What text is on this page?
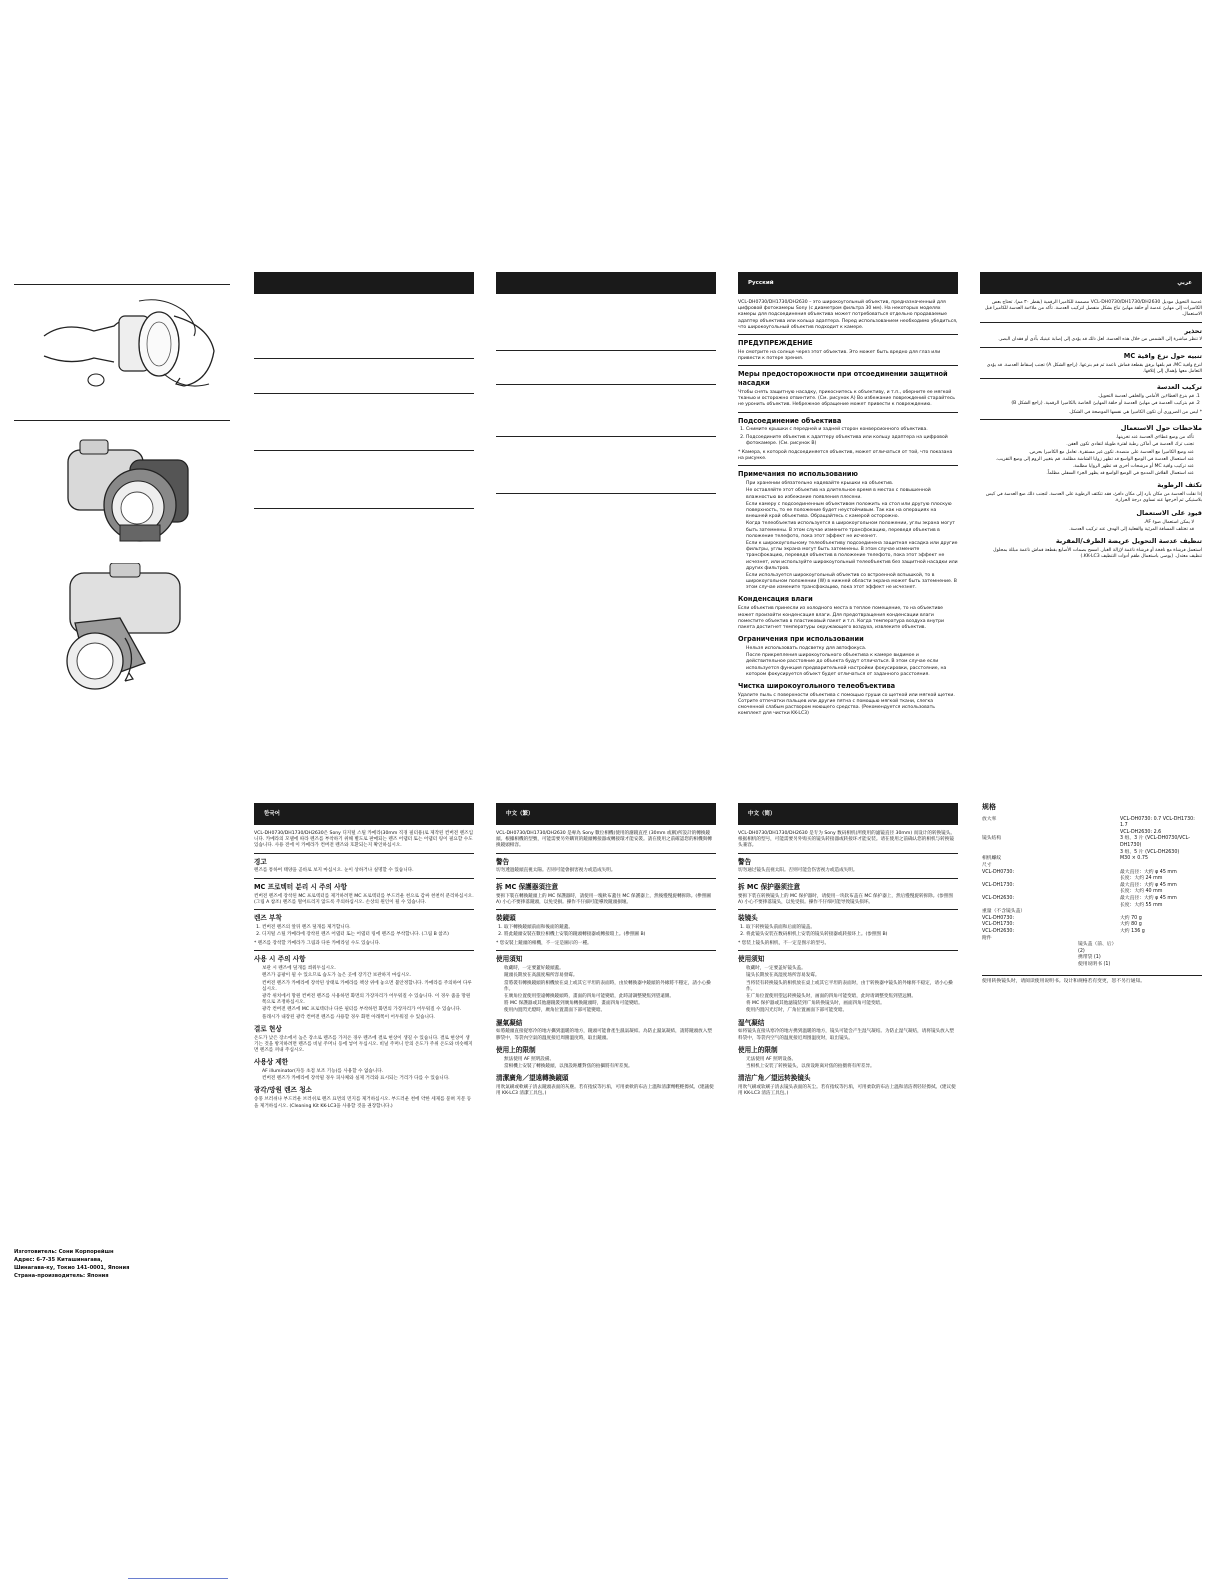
Русский

VCL-DH0730/DH1730/DH2630 – это широкоугольный объектив, предназначенный для цифровой фотокамеры Sony (с диаметром фильтра 30 мм). На некоторых моделях камеры для подсоединения объектива может потребоваться отдельно продаваемые адаптер объектива или кольцо адаптера. Перед использованием необходимо убедиться, что широкоугольный объектив подходит к камере.

ПРЕДУПРЕЖДЕНИЕ

Не смотрите на солнце через этот объектив. Это может быть вредно для глаз или привести к потере зрения.

Меры предосторожности при отсоединении защитной насадки

Чтобы снять защитную насадку, прикоснитесь к объективу, и т.п., оберните ее мягкой тканью и осторожно отвинтите. (См. рисунок A) Во избежание повреждений старайтесь не уронить объектив. Небрежное обращение может привести к повреждению.

Подсоединение объектива
1. Снимите крышки с передней и задней сторон конверсионного объектива.
2. Подсоедините объектив к адаптеру объектива или кольцу адаптера на цифровой фотокамере. (См. рисунок B)

* Камера, к которой подсоединяется объектив, может отличаться от той, что показана на рисунке.

Примечания по использованию
• При хранении обязательно надевайте крышки на объектив.
• Не оставляйте этот объектив на длительное время в местах с повышенной влажностью во избежание появления плесени.
• Если камеру с подсоединенным объективом положить на стол или другую плоскую поверхность, то ее положение будет неустойчивым. Так как на операциях на внешней край объектива. Обращайтесь с камерой осторожно.
• Когда телеобъектив используется в широкоугольном положении, углы экрана могут быть затемнены. В этом случае измените трансфокацию, переведя объектив в положение телефото, пока этот эффект не исчезнет.
• Если к широкоугольному телеобъективу подсоединена защитная насадка или другие фильтры, углы экрана могут быть затемнены. В этом случае измените трансфокацию, переведя объектив в положение телефото, пока этот эффект не исчезнет, или используйте широкоугольный телеобъектив без защитной насадки или других фильтров.
• Если используется широкоугольный объектив со встроенной вспышкой, то в широкоугольном положении (W) в нижней области экрана может быть затемнение. В этом случае измените трансфокацию, пока этот эффект не исчезнет.
Конденсация влаги

Если объектив принесли из холодного места в теплое помещение, то на объективе может произойти конденсация влаги. Для предотвращения конденсации влаги поместите объектив в пластиковый пакет и т.п. Когда температура воздуха внутри пакета достигнет температуры окружающего воздуха, извлеките объектив.

Ограничения при использовании
• Нельзя использовать подсветку для автофокуса.
• После прикрепления широкоугольного объектива к камере видимое и действительное расстояние до объекта будут отличаться. В этом случае если используется функция предварительной настройки фокусировки, расстояние, на котором фокусируется объект будет отличаться от заданного расстояния.
Чистка широкоугольного телеобъектива

Удалите пыль с поверхности объектива с помощью груши со щеткой или мягкой щетки. Сотрите отпечатки пальцев или другие пятна с помощью мягкой ткани, слегка смоченной слабым раствором моющего средства. (Рекомендуется использовать комплект для чистки KK-LC3)

عربي

عدسة التحويل موديل VCL-DH0730/DH1730/DH2630 مصممة للكاميرا الرقمية (بقطر ٣٠ مم). تحتاج بعض الكاميرات إلى مهايئ عدسة أو حلقة مهايئ تباع بشكل منفصل لتركيب العدسة. تأكد من ملاءمة العدسة للكاميرا قبل الاستعمال.

تحذير

لا تنظر مباشرة إلى الشمس من خلال هذه العدسة. لعل ذلك قد يؤدي إلى إصابة عينيك بأذى أو فقدان البصر.

تنبيه حول نزع واقية MC

لنزع واقية MC، قم بلفها برفق بقطعة قماش ناعمة ثم قم بنزعها. (راجع الشكل A) تجنب إسقاط العدسة. قد يؤدي التعامل معها بإهمال إلى إتلافها.

تركيب العدسة
1. قم بنزع الغطاءين الأمامي والخلفي لعدسة التحويل.
2. قم بتركيب العدسة في مهايئ العدسة أو حلقة المهايئ الخاصة بالكاميرا الرقمية. (راجع الشكل B)

* ليس من الضروري أن تكون الكاميرا هي نفسها الموضحة في الشكل.

ملاحظات حول الاستعمال
• تأكد من وضع غطاءي العدسة عند تخزينها.
• تجنب ترك العدسة في أماكن رطبة لفترة طويلة لتفادي تكون العفن.
• عند وضع الكاميرا مع العدسة على منضدة، تكون غير مستقرة. تعامل مع الكاميرا بحرص.
• عند استعمال العدسة في الوضع الواسع قد تظهر زوايا الشاشة مظلمة. قم بتغيير الزوم إلى وضع التقريب.
• عند تركيب واقية MC أو مرشحات أخرى قد تظهر الزوايا مظلمة.
• عند استعمال الفلاش المدمج في الوضع الواسع قد يظهر الجزء السفلي مظلماً.
تكثف الرطوبة

إذا نقلت العدسة من مكان بارد إلى مكان دافئ، فقد تتكثف الرطوبة على العدسة. لتجنب ذلك ضع العدسة في كيس بلاستيكي ثم أخرجها عند تساوي درجة الحرارة.

قيود على الاستعمال
• لا يمكن استعمال ضوء AF.
• قد تختلف المسافة المرئية والفعلية إلى الهدف عند تركيب العدسة.
تنظيف عدسة التحويل عريضة الطرف/المقربة

استعمل فرشاة مع نافخة أو فرشاة ناعمة لإزالة الغبار. امسح بصمات الأصابع بقطعة قماش ناعمة مبللة بمحلول تنظيف معتدل. (يوصى باستعمال طقم أدوات التنظيف KK-LC3.)

한국어

VCL-DH0730/DH1730/DH2630은 Sony 디지털 스틸 카메라(30mm 직경 필터용)로 제작된 컨버전 렌즈입니다. 카메라의 모델에 따라 렌즈를 부착하기 위해 별도로 판매되는 렌즈 어댑터 또는 어댑터 링이 필요할 수도 있습니다. 사용 전에 이 카메라가 컨버전 렌즈와 호환되는지 확인하십시오.

경고

렌즈를 통하여 태양을 곧바로 보지 마십시오. 눈이 상하거나 실명할 수 있습니다.

MC 프로텍터 분리 시 주의 사항

컨버전 렌즈에 장착된 MC 프로텍터를 제거하려면 MC 프로텍터를 부드러운 천으로 감싸 천천히 분리하십시오. (그림 A 참조) 렌즈를 떨어뜨리지 않도록 주의하십시오. 손상의 원인이 될 수 있습니다.

렌즈 부착
1. 컨버전 렌즈의 앞뒤 렌즈 덮개를 제거합니다.
2. 디지털 스틸 카메라에 장착된 렌즈 어댑터 또는 어댑터 링에 렌즈를 부착합니다. (그림 B 참조)

* 렌즈를 장착할 카메라가 그림과 다른 카메라일 수도 있습니다.

사용 시 주의 사항
• 보관 시 렌즈에 덮개를 씌워두십시오.
• 렌즈가 곰팡이 될 수 있으므로 습도가 높은 곳에 장기간 보관하지 마십시오.
• 컨버전 렌즈가 카메라에 장착된 상태로 카메라를 책상 위에 놓으면 불안정합니다. 카메라를 주의하여 다루십시오.
• 광각 위치에서 망원 컨버전 렌즈를 사용하면 화면의 가장자리가 어두워질 수 있습니다. 이 경우 줌을 망원 쪽으로 조정하십시오.
• 광각 컨버전 렌즈에 MC 프로텍터나 다른 필터를 부착하면 화면의 가장자리가 어두워질 수 있습니다.
• 플래시가 내장된 광각 컨버전 렌즈를 사용할 경우 화면 아래쪽이 어두워질 수 있습니다.
결로 현상

온도가 낮은 장소에서 높은 장소로 렌즈를 가져온 경우 렌즈에 결로 현상이 생길 수 있습니다. 결로 현상이 생기는 것을 방지하려면 렌즈를 비닐 주머니 등에 넣어 두십시오. 비닐 주머니 안의 온도가 주위 온도와 비슷해지면 렌즈를 꺼내 주십시오.

사용상 제한
• AF illuminator(자동 초점 보조 기능)를 사용할 수 없습니다.
• 컨버전 렌즈가 카메라에 장착될 경우 피사체와 실제 거리와 표시되는 거리가 다를 수 있습니다.
광각/망원 렌즈 청소

송풍 브러쉬나 부드러운 브러쉬로 렌즈 표면의 먼지를 제거하십시오. 부드러운 천에 약한 세제를 묻혀 지문 등을 제거하십시오. (Cleaning Kit KK-LC3을 사용할 것을 권장합니다.)

中文（繁）

VCL-DH0730/DH1730/DH2630 是專為 Sony 數位相機(使用的濾鏡直徑 (30mm 或稱)所設計的轉換鏡頭。根據相機的型號，可能需要另外購買的鏡頭轉接器或轉接環才能安裝。請在使用之前確認您的相機與轉換鏡頭相容。

警告

切勿透過鏡頭直視太陽。否則可能會損害視力或造成失明。

拆 MC 保護器須注意

要拆下裝在轉換鏡頭上的 MC 保護器時，請使用一塊軟布蓋住 MC 保護器上，然後慢慢旋轉拆除。(參照圖 A) 小心不要摔落鏡頭，以免受損。操作不仔細可能導致鏡頭損壞。

裝鏡頭
1. 取下轉換鏡頭前面和後面的鏡蓋。
2. 將此鏡頭安裝在數位相機上安裝的鏡頭轉接器或轉接環上。(參照圖 B)

* 您安裝上鏡頭的相機，不一定是圖示的一種。

使用須知
• 收藏時，一定要蓋好鏡頭蓋。
• 鏡頭長期放在高濕度場所容易發霉。
• 當將裝有轉換鏡頭的相機放在桌上或其它平坦的表面時，由於轉換器中鏡頭的外緣將不穩定，請小心操作。
• 在廣角位置使用望遠轉換鏡頭時，畫面的四角可能變暗，此時請調整變焦到望遠側。
• 將 MC 保護器或其他濾鏡裝到廣角轉換鏡頭時，畫面四角可能變暗。
• 使用內置閃光燈時，廣角位置畫面下部可能變暗。
濕氣凝結

如將鏡頭直接從寒冷的地方攜到溫暖的地方，鏡頭可能會產生濕氣凝結。為防止濕氣凝結，請將鏡頭放入塑膠袋中，等袋內空氣的溫度接近周圍溫度時，取出鏡頭。

使用上的限制
• 無法使用 AF 照明設備。
• 當相機上安裝了轉換鏡頭，以預設距離對焦的拍攝將有所差異。
清潔廣角／望遠轉換鏡頭

用吹氣刷或軟刷子清去鏡頭表面的灰塵。若有指紋等污垢，可用柔軟的布沾上溫和清潔劑輕輕擦拭。(建議使用 KK-LC3 清潔工具包。)

中文（简）

VCL-DH0730/DH1730/DH2630 是专为 Sony 数码相机(所使用的滤镜直径 30mm) 而设计的转换镜头。根据相机的型号，可能需要另外购买的镜头转接器或转接环才能安装。请在使用之前确认您的相机与转换镜头兼容。

警告

切勿通过镜头直视太阳。否则可能会伤害视力或造成失明。

拆 MC 保护器须注意

要拆下装在转换镜头上的 MC 保护器时，请使用一块软布盖在 MC 保护器上，然后慢慢旋转拆除。(参照图 A) 小心不要摔落镜头，以免受损。操作不仔细可能导致镜头损坏。

装镜头
1. 取下转换镜头前面和后面的镜盖。
2. 将此镜头安装在数码相机上安装的镜头转接器或转接环上。(参照图 B)

* 您装上镜头的相机，不一定是图示的型号。

使用须知
• 收藏时，一定要盖好镜头盖。
• 镜头长期放在高湿度场所容易发霉。
• 当将装有转换镜头的相机放在桌上或其它平坦的表面时，由于转换器中镜头的外缘将不稳定，请小心操作。
• 在广角位置使用望远转换镜头时，画面的四角可能变暗，此时请调整变焦到望远侧。
• 将 MC 保护器或其他滤镜装到广角转换镜头时，画面四角可能变暗。
• 使用内置闪光灯时，广角位置画面下部可能变暗。
湿气凝结

如将镜头直接从寒冷的地方携到温暖的地方，镜头可能会产生湿气凝结。为防止湿气凝结，请将镜头放入塑料袋中，等袋内空气的温度接近周围温度时，取出镜头。

使用上的限制
• 无法使用 AF 照明设备。
• 当相机上安装了转换镜头，以预设距离对焦的拍摄将有所差异。
清洁广角／望远转换镜头

用吹气刷或软刷子清去镜头表面的灰尘。若有指纹等污垢，可用柔软的布沾上温和清洁剂轻轻擦拭。(建议使用 KK-LC3 清洁工具包。)

规格
放大率		VCL-DH0730: 0.7 VCL-DH1730: 1.7
		VCL-DH2630: 2.6
镜头结构		3 组、3 片 (VCL-DH0730/VCL-DH1730)
		3 组、5 片 (VCL-DH2630)
相机螺纹		M30 × 0.75
尺寸		
VCL-DH0730:		最大直径：大约 φ 45 mm
		长度：大约 24 mm
VCL-DH1730:		最大直径：大约 φ 45 mm
		长度：大约 40 mm
VCL-DH2630:		最大直径：大约 φ 45 mm
		长度：大约 55 mm
重量（不含镜头盖）		
VCL-DH0730:		大约 70 g
VCL-DH1730:		大约 80 g
VCL-DH2630:		大约 136 g
附件		
	镜头盖（前、后）(2)	
	携带袋 (1)	
	使用说明书 (1)	
使用转换镜头时，请阅读使用说明书。设计和规格若有变更，恕不另行通知。
Изготовитель: Сони Корпорейшн
Адрес: 6-7-35 Киташинагава,
Шинагава-ку, Токио 141-0001, Япония
Страна-производитель: Япония
